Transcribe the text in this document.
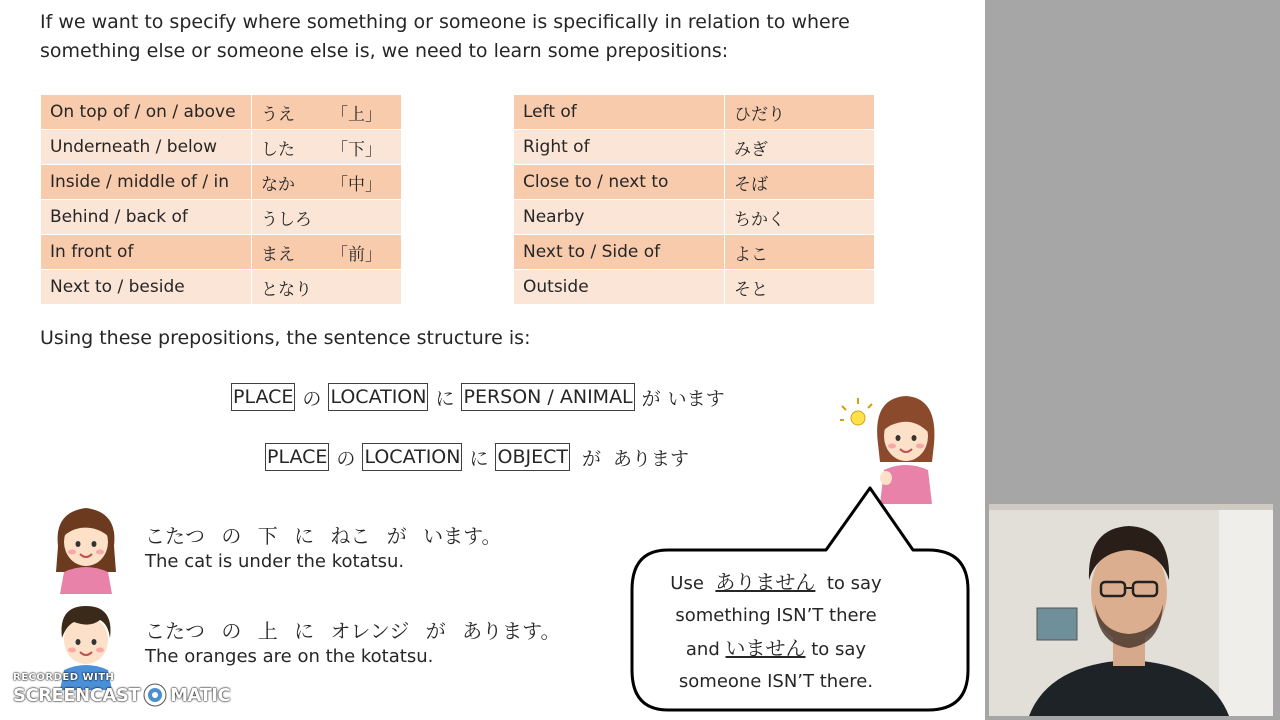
If we want to specify where something or someone is specifically in relation to where
something else or someone else is, we need to learn some prepositions:
On top of / on / above	うえ 「上」
Underneath / below	した 「下」
Inside / middle of / in	なか 「中」
Behind / back of	うしろ
In front of	まえ 「前」
Next to / beside	となり
Left of	ひだり
Right of	みぎ
Close to / next to	そば
Nearby	ちかく
Next to / Side of	よこ
Outside	そと
Using these prepositions, the sentence structure is:
PLACE の LOCATION に PERSON / ANIMAL が います
PLACE の LOCATION に OBJECT が あります
こたつ の 下 に ねこ が います。
The cat is under the kotatsu.
こたつ の 上 に オレンジ が あります。
The oranges are on the kotatsu.
Use ありません to say
something ISN’T there
and いません to say
someone ISN’T there.
RECORDED WITH
SCREENCAST MATIC
